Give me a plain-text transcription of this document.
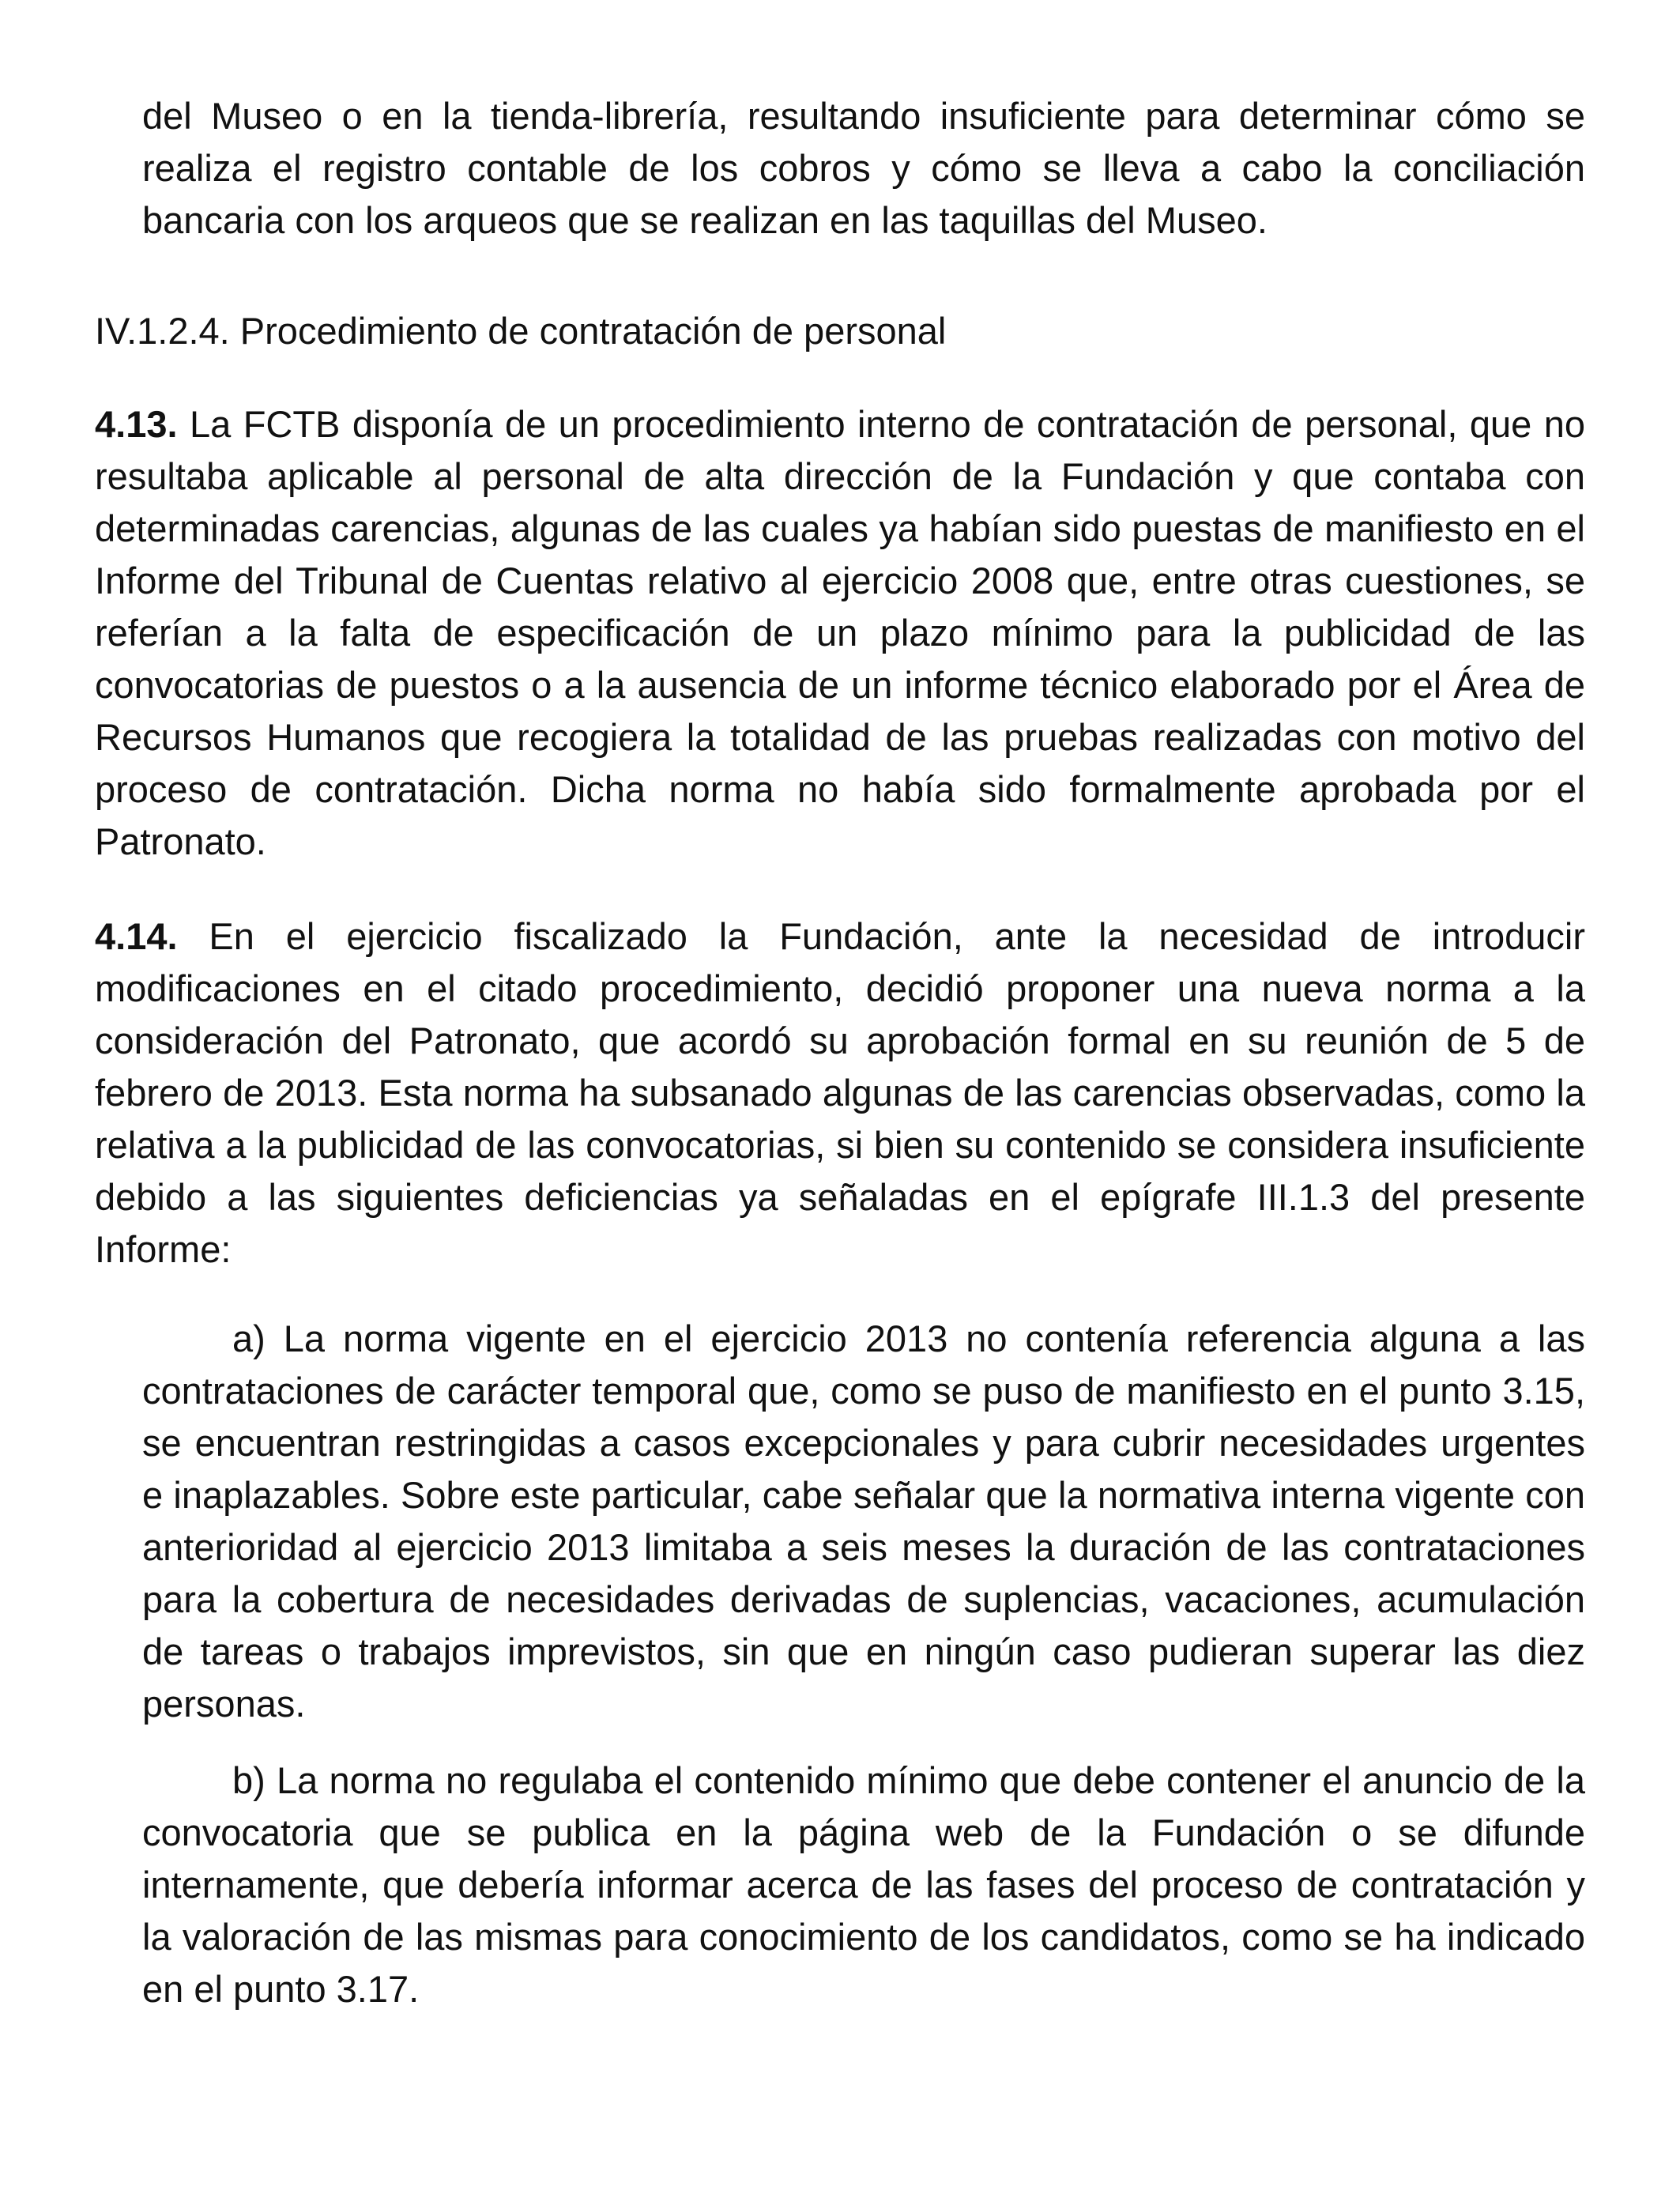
del Museo o en la tienda-librería, resultando insuficiente para determinar cómo se realiza el registro contable de los cobros y cómo se lleva a cabo la conciliación bancaria con los arqueos que se realizan en las taquillas del Museo.

IV.1.2.4. Procedimiento de contratación de personal

4.13. La FCTB disponía de un procedimiento interno de contratación de personal, que no resultaba aplicable al personal de alta dirección de la Fundación y que contaba con determinadas carencias, algunas de las cuales ya habían sido puestas de manifiesto en el Informe del Tribunal de Cuentas relativo al ejercicio 2008 que, entre otras cuestiones, se referían a la falta de especificación de un plazo mínimo para la publicidad de las convocatorias de puestos o a la ausencia de un informe técnico elaborado por el Área de Recursos Humanos que recogiera la totalidad de las pruebas realizadas con motivo del proceso de contratación. Dicha norma no había sido formalmente aprobada por el Patronato.

4.14. En el ejercicio fiscalizado la Fundación, ante la necesidad de introducir modificaciones en el citado procedimiento, decidió proponer una nueva norma a la consideración del Patronato, que acordó su aprobación formal en su reunión de 5 de febrero de 2013. Esta norma ha subsanado algunas de las carencias observadas, como la relativa a la publicidad de las convocatorias, si bien su contenido se considera insuficiente debido a las siguientes deficiencias ya señaladas en el epígrafe III.1.3 del presente Informe:

a) La norma vigente en el ejercicio 2013 no contenía referencia alguna a las contrataciones de carácter temporal que, como se puso de manifiesto en el punto 3.15, se encuentran restringidas a casos excepcionales y para cubrir necesidades urgentes e inaplazables. Sobre este particular, cabe señalar que la normativa interna vigente con anterioridad al ejercicio 2013 limitaba a seis meses la duración de las contrataciones para la cobertura de necesidades derivadas de suplencias, vacaciones, acumulación de tareas o trabajos imprevistos, sin que en ningún caso pudieran superar las diez personas.

b) La norma no regulaba el contenido mínimo que debe contener el anuncio de la convocatoria que se publica en la página web de la Fundación o se difunde internamente, que debería informar acerca de las fases del proceso de contratación y la valoración de las mismas para conocimiento de los candidatos, como se ha indicado en el punto 3.17.
